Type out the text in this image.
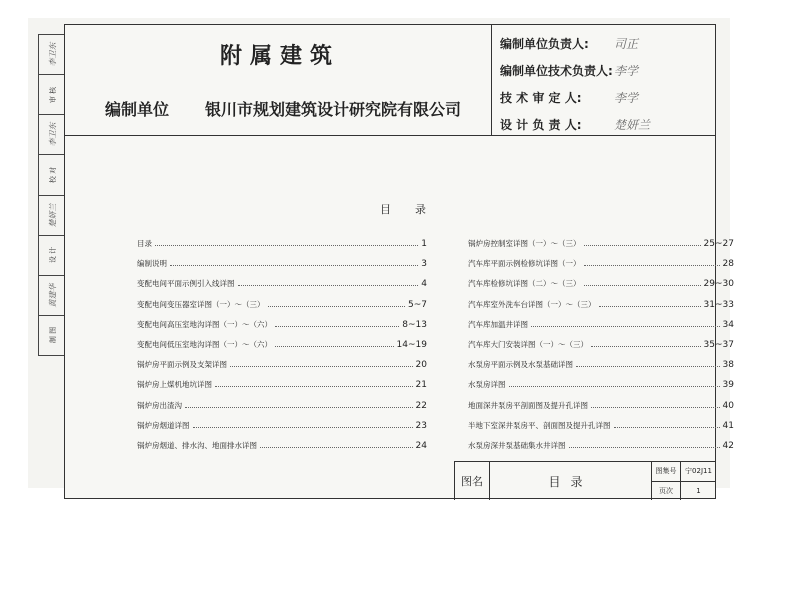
李卫东
审 核
李卫东
校 对
楚妍兰
设 计
黄建华
制 图
附属建筑
编制单位 银川市规划建筑设计研究院有限公司
编制单位负责人:	司正
编制单位技术负责人: 李学
技 术 审 定 人:	李学
设 计 负 责 人:	楚妍兰
目录
目录	1
编制说明	3
变配电间平面示例引入线详图	4
变配电间变压器室详图（一）～（三）	5~7
变配电间高压室地沟详图（一）～（六）	8~13
变配电间低压室地沟详图（一）～（六）	14~19
锅炉房平面示例及支架详图	20
锅炉房上煤机地坑详图	21
锅炉房出渣沟	22
锅炉房烟道详图	23
锅炉房烟道、排水沟、地面排水详图	24
锅炉房控制室详图（一）～（三）	25~27
汽车库平面示例检修坑详图（一）	28
汽车库检修坑详图（二）～（三）	29~30
汽车库室外洗车台详图（一）～（三）	31~33
汽车库加温井详图	34
汽车库大门安装详图（一）～（三）	35~37
水泵房平面示例及水泵基础详图	38
水泵房详图	39
地面深井泵房平剖面图及提升孔详图	40
半地下室深井泵房平、剖面图及提升孔详图	41
水泵房深井泵基础集水井详图	42
图名	目录
图集号	宁02J11
页次	1
